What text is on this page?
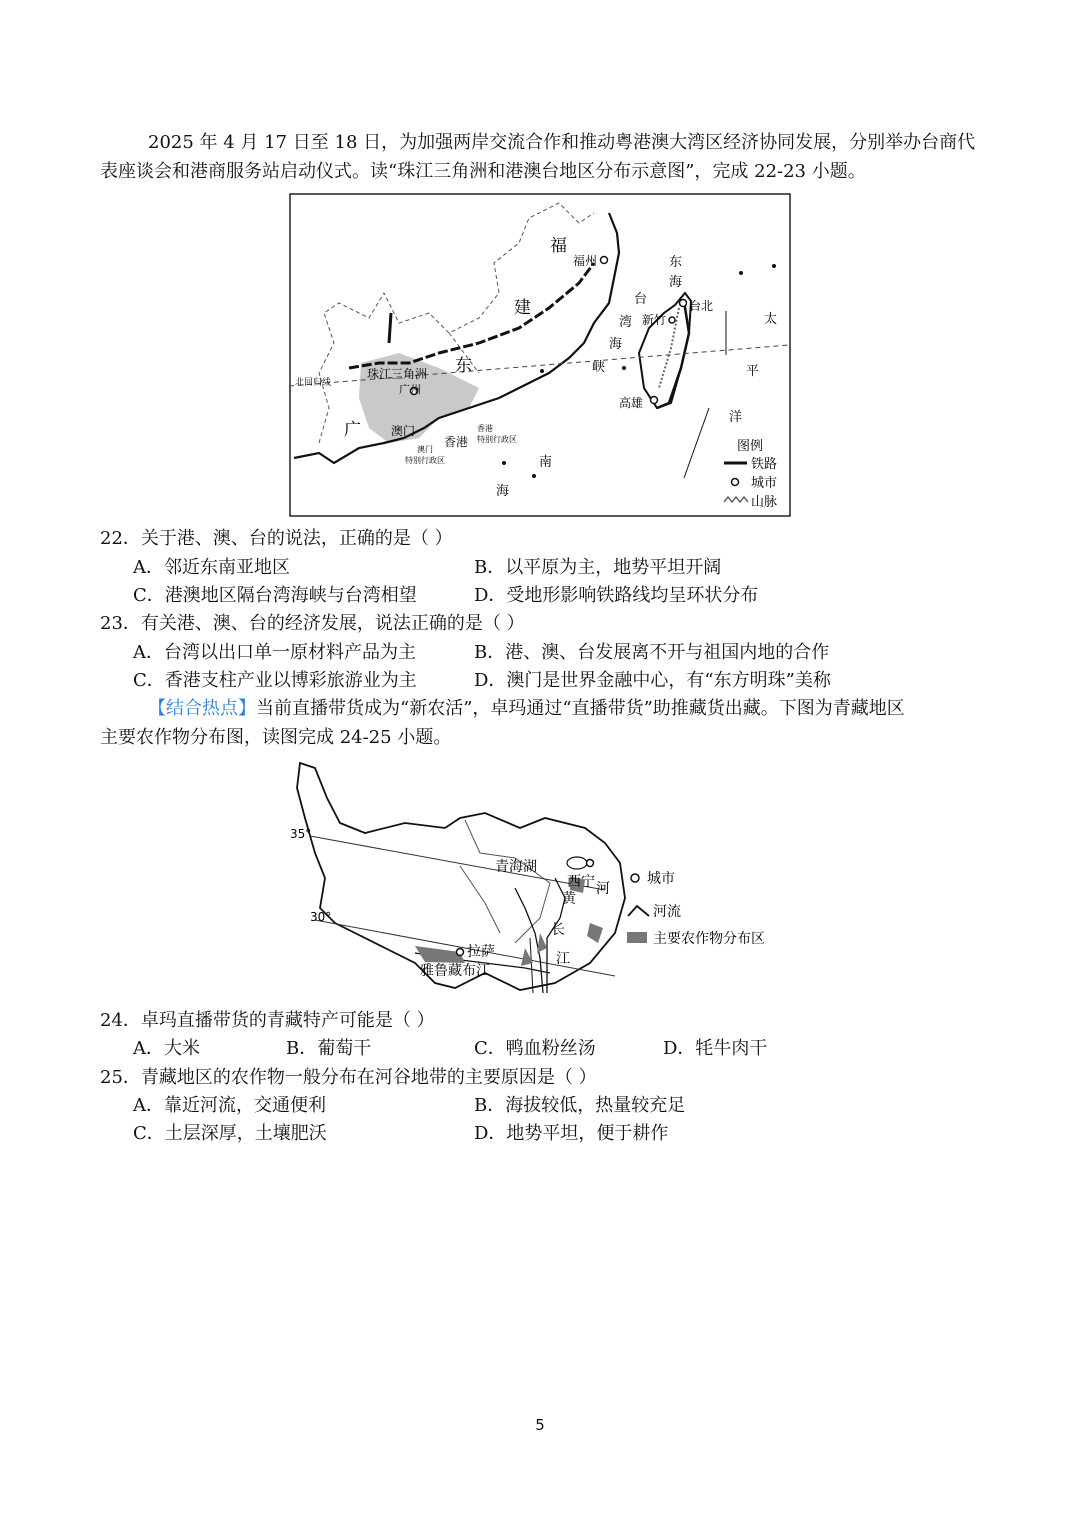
2025 年 4 月 17 日至 18 日，为加强两岸交流合作和推动粤港澳大湾区经济协同发展，分别举办台商代
表座谈会和港商服务站启动仪式。读“珠江三角洲和港澳台地区分布示意图”，完成 22-23 小题。
福
建
东
广
福州	东
海
台
湾
海
峡
台北
新竹
高雄
太
平
洋
珠江三角洲
广州
澳门
香港
香港
特别行政区
澳门
特别行政区	南
海
北回归线
图例
铁路
城市
山脉
22．关于港、澳、台的说法，正确的是（ ）
A．邻近东南亚地区	B．以平原为主，地势平坦开阔
C．港澳地区隔台湾海峡与台湾相望	D．受地形影响铁路线均呈环状分布
23．有关港、澳、台的经济发展，说法正确的是（ ）
A．台湾以出口单一原材料产品为主	B．港、澳、台发展离不开与祖国内地的合作
C．香港支柱产业以博彩旅游业为主	D．澳门是世界金融中心，有“东方明珠”美称
【结合热点】当前直播带货成为“新农活”，卓玛通过“直播带货”助推藏货出藏。下图为青藏地区
主要农作物分布图，读图完成 24-25 小题。
35°
30°
青海湖
西宁 河
黄
长
江
拉萨
雅鲁藏布江
城市
河流
主要农作物分布区
24．卓玛直播带货的青藏特产可能是（ ）
A．大米	B．葡萄干	C．鸭血粉丝汤	D．牦牛肉干
25．青藏地区的农作物一般分布在河谷地带的主要原因是（ ）
A．靠近河流，交通便利	B．海拔较低，热量较充足
C．土层深厚，土壤肥沃	D．地势平坦，便于耕作
5
